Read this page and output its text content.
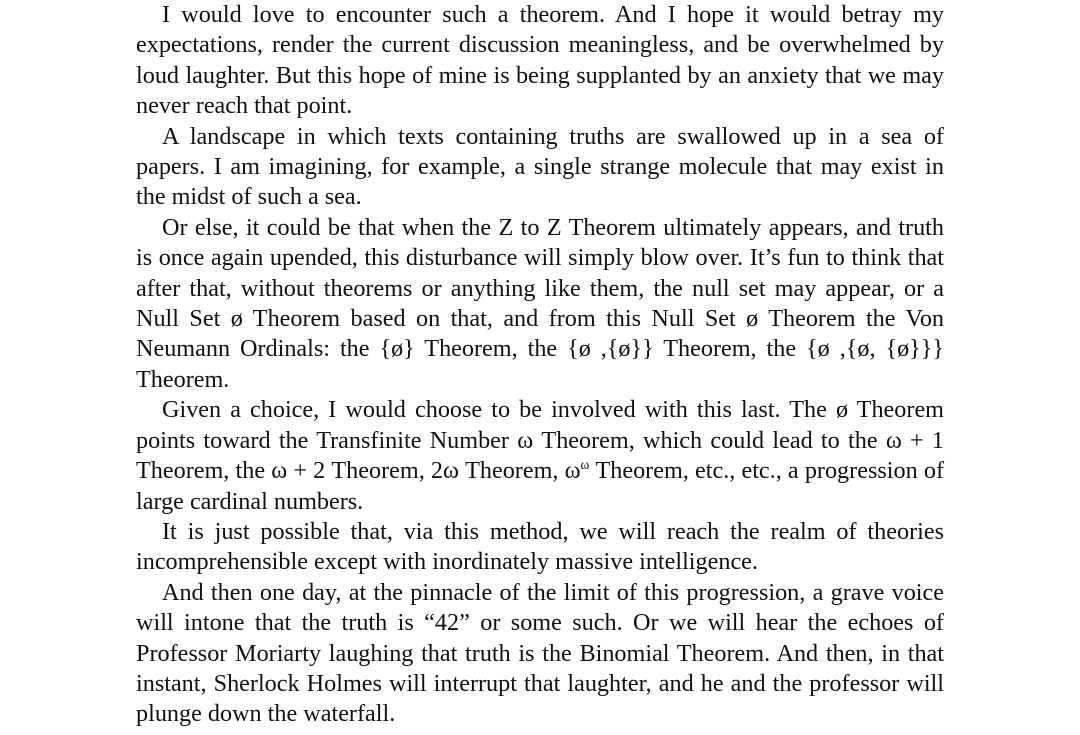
I would love to encounter such a theorem. And I hope it would betray my expectations, render the current discussion meaningless, and be overwhelmed by loud laughter. But this hope of mine is being supplanted by an anxiety that we may never reach that point.

A landscape in which texts containing truths are swallowed up in a sea of papers. I am imagining, for example, a single strange molecule that may exist in the midst of such a sea.

Or else, it could be that when the Z to Z Theorem ultimately appears, and truth is once again upended, this disturbance will simply blow over. It’s fun to think that after that, without theorems or anything like them, the null set may appear, or a Null Set ø Theorem based on that, and from this Null Set ø Theorem the Von Neumann Ordinals: the {ø} Theorem, the {ø ,{ø}} Theorem, the {ø ,{ø, {ø}}} Theorem.

Given a choice, I would choose to be involved with this last. The ø Theorem points toward the Transfinite Number ω Theorem, which could lead to the ω + 1 Theorem, the ω + 2 Theorem, 2ω Theorem, $\omega^\omega$ Theorem, etc., etc., a progression of large cardinal numbers.

It is just possible that, via this method, we will reach the realm of theories incomprehensible except with inordinately massive intelligence.

And then one day, at the pinnacle of the limit of this progression, a grave voice will intone that the truth is “42” or some such. Or we will hear the echoes of Professor Moriarty laughing that truth is the Binomial Theorem. And then, in that instant, Sherlock Holmes will interrupt that laughter, and he and the professor will plunge down the waterfall.
